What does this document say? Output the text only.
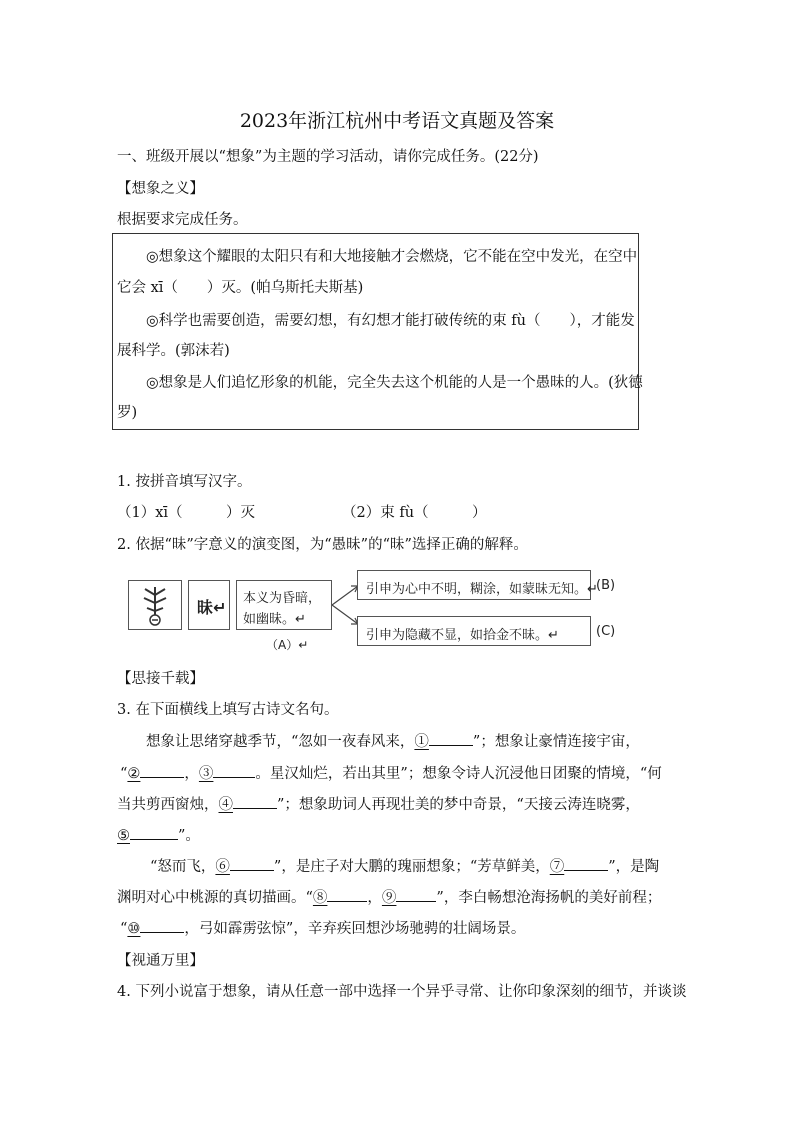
2023年浙江杭州中考语文真题及答案
一、班级开展以“想象”为主题的学习活动，请你完成任务。(22分)
【想象之义】
根据要求完成任务。
◎想象这个耀眼的太阳只有和大地接触才会燃烧，它不能在空中发光，在空中
它会 xī（　　）灭。(帕乌斯托夫斯基)
◎科学也需要创造，需要幻想，有幻想才能打破传统的束 fù（　　），才能发
展科学。(郭沫若)
◎想象是人们追忆形象的机能，完全失去这个机能的人是一个愚昧的人。(狄德
罗)
1. 按拼音填写汉字。
（1）xī（　　　）灭	（2）束 fù（　　　）
2. 依据“昧”字意义的演变图，为“愚昧”的“昧”选择正确的解释。
昧↵ 本义为昏暗，
如幽昧。↵
（A）↵
引申为心中不明，糊涂，如蒙昧无知。↵
(B)
引申为隐藏不显，如拾金不昧。↵	(C)
【思接千载】
3. 在下面横线上填写古诗文名句。
想象让思绪穿越季节，“忽如一夜春风来，①	”；想象让豪情连接宇宙，
“②	，③	。星汉灿烂，若出其里”；想象令诗人沉浸他日团聚的情境，“何
当共剪西窗烛，④	”；想象助词人再现壮美的梦中奇景，“天接云涛连晓雾，
⑤	”。
“怒而飞，⑥	”，是庄子对大鹏的瑰丽想象；“芳草鲜美，⑦	”，是陶
渊明对心中桃源的真切描画。“⑧	，⑨	”，李白畅想沧海扬帆的美好前程；
“⑩	，弓如霹雳弦惊”，辛弃疾回想沙场驰骋的壮阔场景。
【视通万里】
4. 下列小说富于想象，请从任意一部中选择一个异乎寻常、让你印象深刻的细节，并谈谈
